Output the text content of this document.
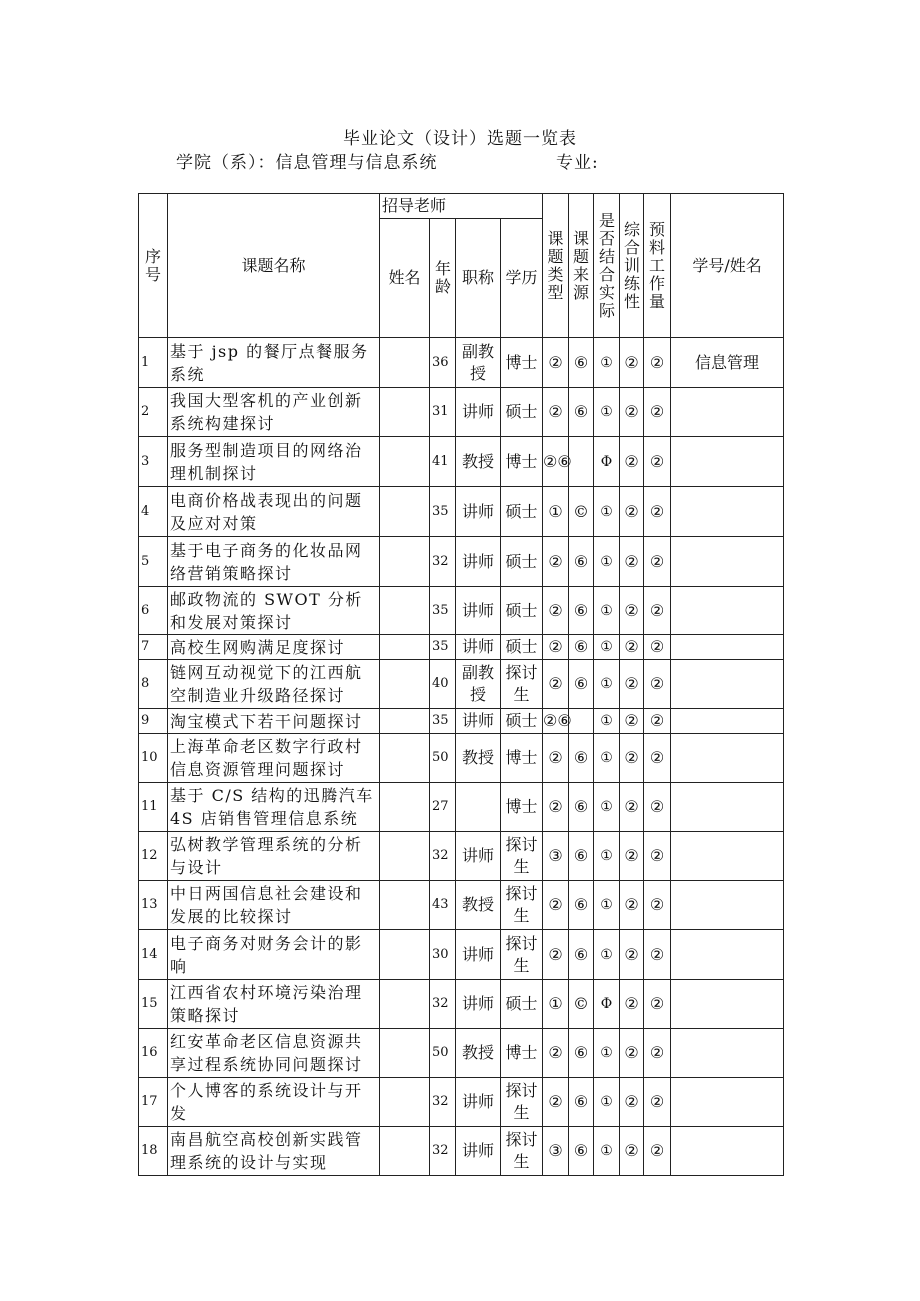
毕业论文（设计）选题一览表
学院（系）：信息管理与信息系统	专业:
序号	课题名称	招导老师				课题类型	课题来源	是否结合实际	综合训练性	预料工作量	学号/姓名
		姓名	年龄	职称	学历						
1	基于 jsp 的餐厅点餐服务系统		36	副教授	博士	②	⑥	①	②	②	信息管理
2	我国大型客机的产业创新系统构建探讨		31	讲师	硕士	②	⑥	①	②	②	
3	服务型制造项目的网络治理机制探讨		41	教授	博士	②⑥		Φ	②	②	
4	电商价格战表现出的问题及应对对策		35	讲师	硕士	①	©	①	②	②	
5	基于电子商务的化妆品网络营销策略探讨		32	讲师	硕士	②	⑥	①	②	②	
6	邮政物流的 SWOT 分析和发展对策探讨		35	讲师	硕士	②	⑥	①	②	②	
7	高校生网购满足度探讨		35	讲师	硕士	②	⑥	①	②	②	
8	链网互动视觉下的江西航空制造业升级路径探讨		40	副教授	探讨生	②	⑥	①	②	②	
9	淘宝模式下若干问题探讨		35	讲师	硕士	②⑥		①	②	②	
10	上海革命老区数字行政村信息资源管理问题探讨		50	教授	博士	②	⑥	①	②	②	
11	基于 C/S 结构的迅腾汽车 4S 店销售管理信息系统		27		博士	②	⑥	①	②	②	
12	弘树教学管理系统的分析与设计		32	讲师	探讨生	③	⑥	①	②	②	
13	中日两国信息社会建设和发展的比较探讨		43	教授	探讨生	②	⑥	①	②	②	
14	电子商务对财务会计的影响		30	讲师	探讨生	②	⑥	①	②	②	
15	江西省农村环境污染治理策略探讨		32	讲师	硕士	①	©	Φ	②	②	
16	红安革命老区信息资源共享过程系统协同问题探讨		50	教授	博士	②	⑥	①	②	②	
17	个人博客的系统设计与开发		32	讲师	探讨生	②	⑥	①	②	②	
18	南昌航空高校创新实践管理系统的设计与实现		32	讲师	探讨生	③	⑥	①	②	②	
